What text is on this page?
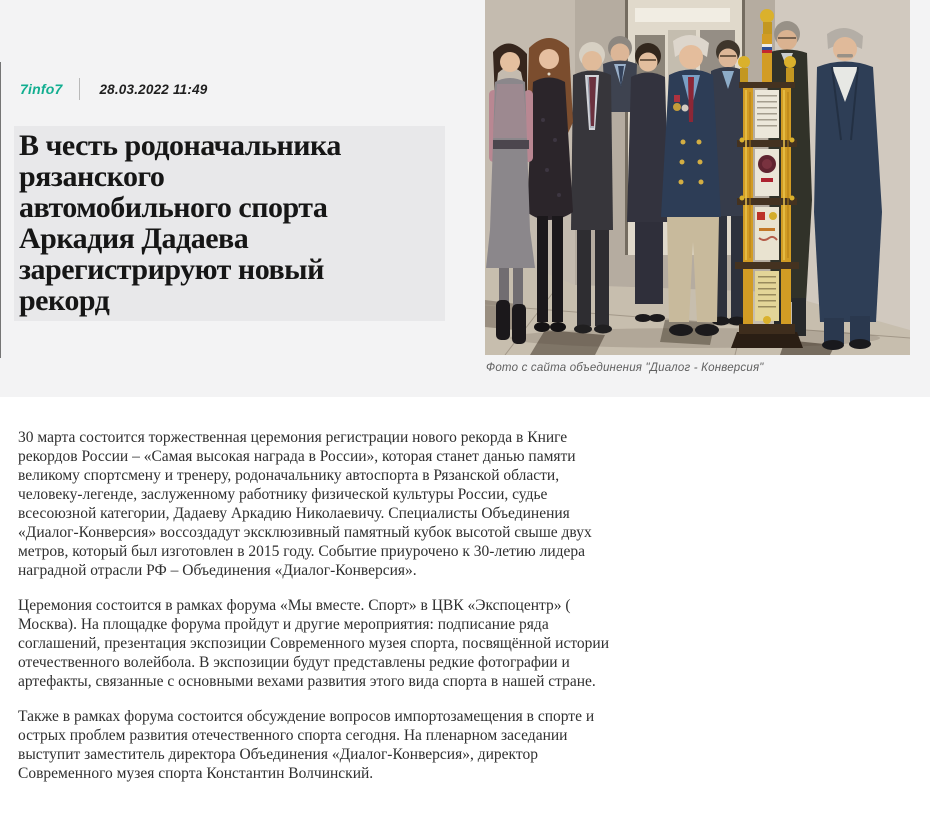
7info7	28.03.2022 11:49
В честь родоначальника
рязанского
автомобильного спорта
Аркадия Дадаева
зарегистрируют новый
рекорд
Фото с сайта объединения "Диалог - Конверсия"

30 марта состоится торжественная церемония регистрации нового рекорда в Книге рекордов России – «Самая высокая награда в России», которая станет данью памяти великому спортсмену и тренеру, родоначальнику автоспорта в Рязанской области, человеку-легенде, заслуженному работнику физической культуры России, судье всесоюзной категории, Дадаеву Аркадию Николаевичу. Специалисты Объединения «Диалог-Конверсия» воссоздадут эксклюзивный памятный кубок высотой свыше двух метров, который был изготовлен в 2015 году. Событие приурочено к 30-летию лидера наградной отрасли РФ – Объединения «Диалог-Конверсия».

Церемония состоится в рамках форума «Мы вместе. Спорт» в ЦВК «Экспоцентр» ( Москва). На площадке форума пройдут и другие мероприятия: подписание ряда соглашений, презентация экспозиции Современного музея спорта, посвящённой истории отечественного волейбола. В экспозиции будут представлены редкие фотографии и артефакты, связанные с основными вехами развития этого вида спорта в нашей стране.

Также в рамках форума состоится обсуждение вопросов импортозамещения в спорте и острых проблем развития отечественного спорта сегодня. На пленарном заседании выступит заместитель директора Объединения «Диалог-Конверсия», директор Современного музея спорта Константин Волчинский.
